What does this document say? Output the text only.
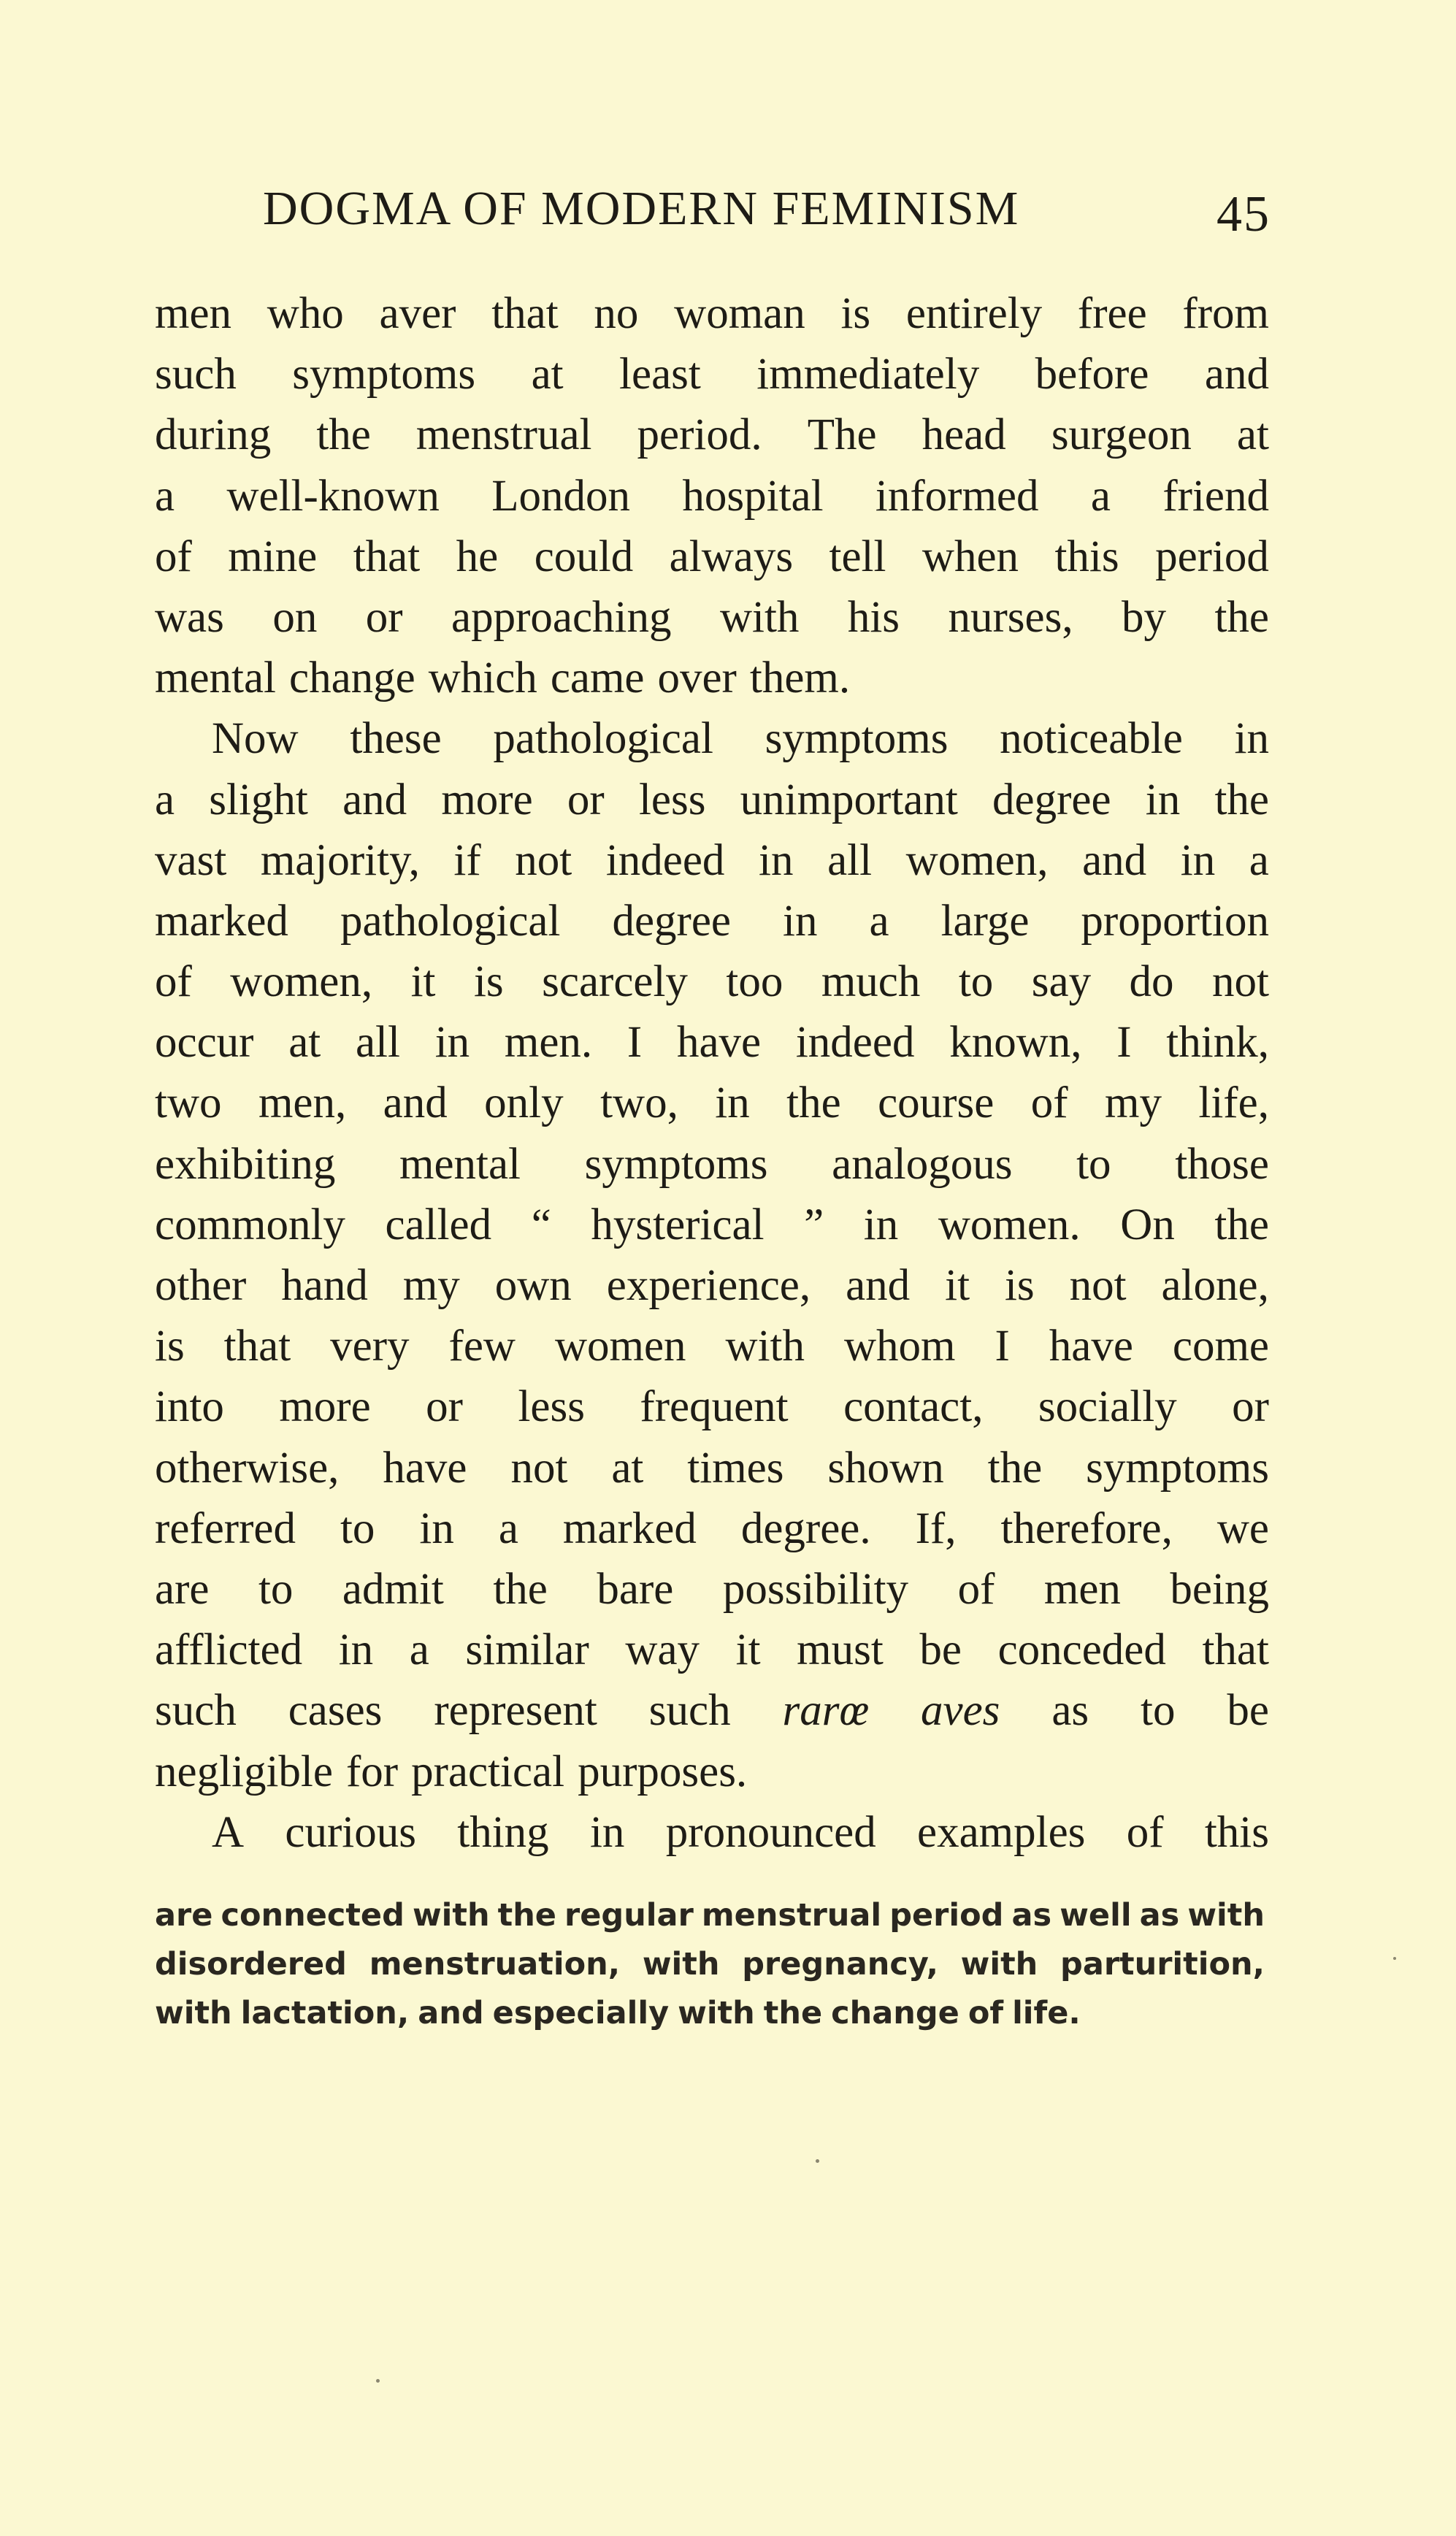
DOGMA OF MODERN FEMINISM	45
men who aver that no woman is entirely free from
such symptoms at least immediately before and
during the menstrual period. The head surgeon at
a well-known London hospital informed a friend
of mine that he could always tell when this period
was on or approaching with his nurses, by the
mental change which came over them.
Now these pathological symptoms noticeable in
a slight and more or less unimportant degree in the
vast majority, if not indeed in all women, and in a
marked pathological degree in a large proportion
of women, it is scarcely too much to say do not
occur at all in men. I have indeed known, I think,
two men, and only two, in the course of my life,
exhibiting mental symptoms analogous to those
commonly called “ hysterical ” in women. On the
other hand my own experience, and it is not alone,
is that very few women with whom I have come
into more or less frequent contact, socially or
otherwise, have not at times shown the symptoms
referred to in a marked degree. If, therefore, we
are to admit the bare possibility of men being
afflicted in a similar way it must be conceded that
such cases represent such rarœ aves as to be
negligible for practical purposes.
A curious thing in pronounced examples of this
are connected with the regular menstrual period as well as with
disordered menstruation, with pregnancy, with parturition,
with lactation, and especially with the change of life.
